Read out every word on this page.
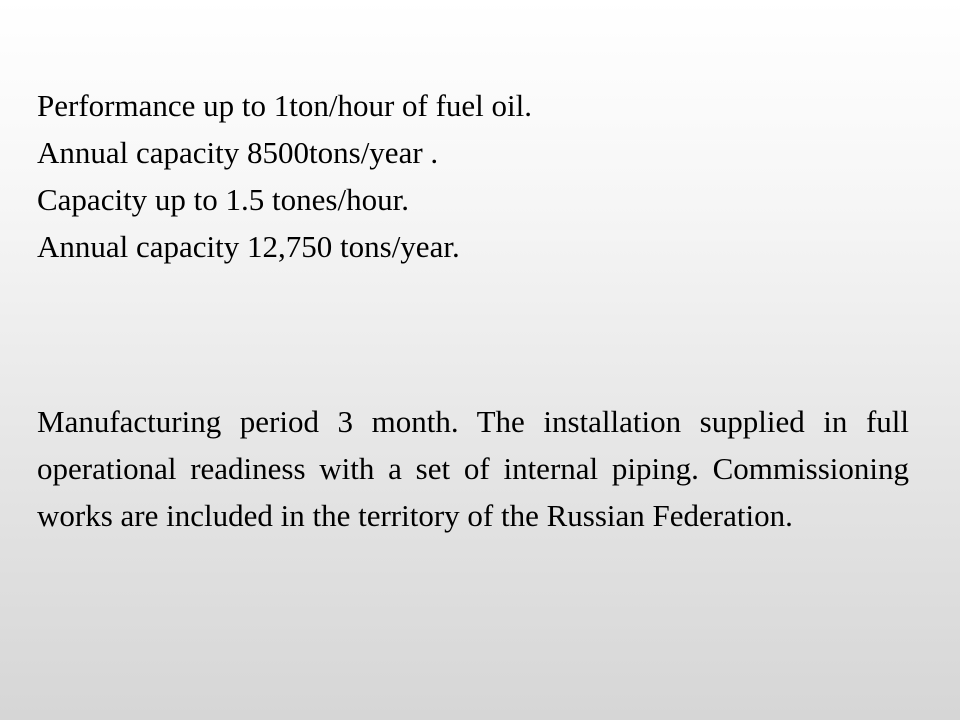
Performance up to 1ton/hour of fuel oil.
Annual capacity 8500tons/year .
Capacity up to 1.5 tones/hour.
Annual capacity 12,750 tons/year.

Manufacturing period 3 month. The installation supplied in full operational readiness with a set of internal piping. Commissioning works are included in the territory of the Russian Federation.
